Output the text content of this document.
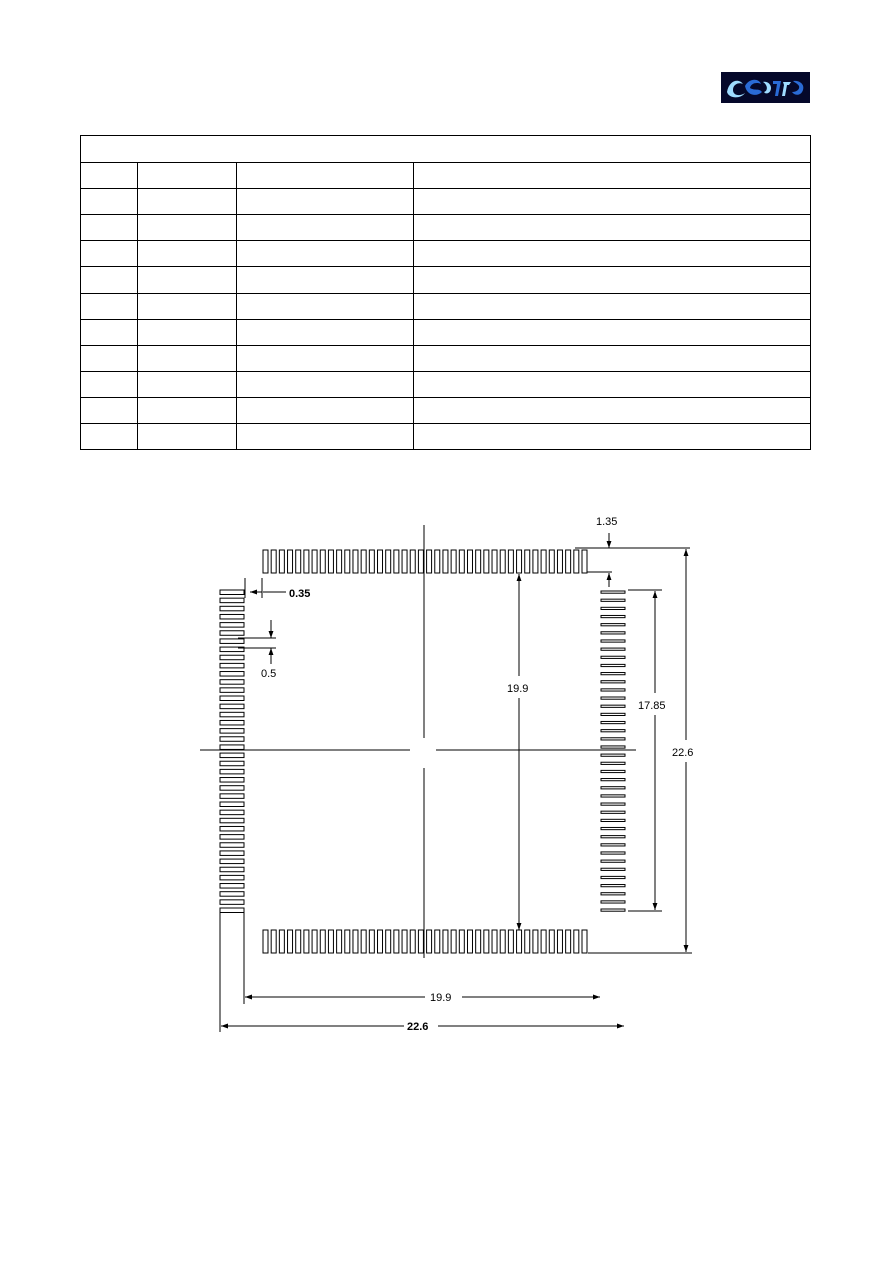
1.35
0.35
0.5
19.9
17.85
22.6
19.9
22.6
